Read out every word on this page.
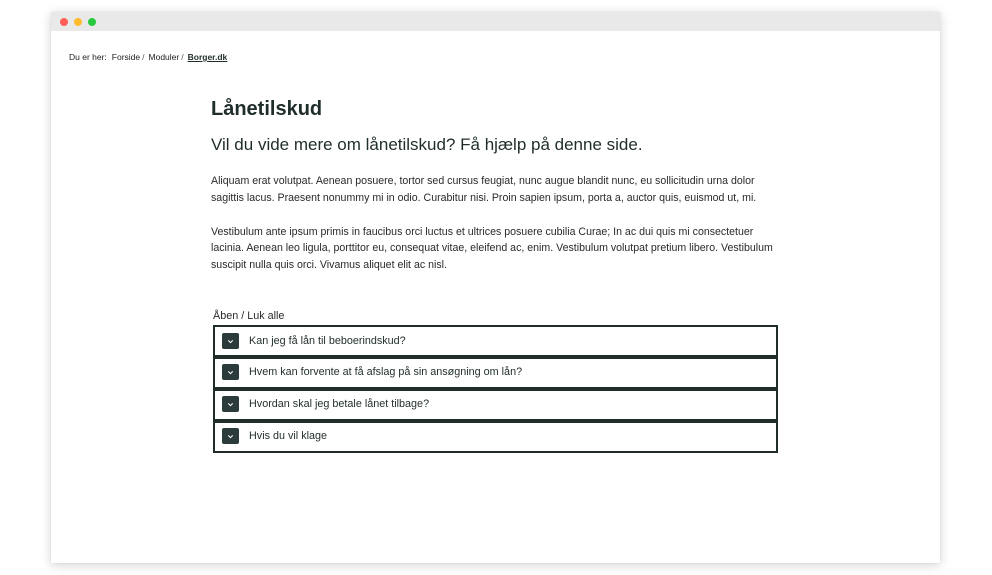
Du er her: Forside / Moduler / Borger.dk
Lånetilskud

Vil du vide mere om lånetilskud? Få hjælp på denne side.

Aliquam erat volutpat. Aenean posuere, tortor sed cursus feugiat, nunc augue blandit nunc, eu sollicitudin urna dolor sagittis lacus. Praesent nonummy mi in odio. Curabitur nisi. Proin sapien ipsum, porta a, auctor quis, euismod ut, mi.

Vestibulum ante ipsum primis in faucibus orci luctus et ultrices posuere cubilia Curae; In ac dui quis mi consectetuer lacinia. Aenean leo ligula, porttitor eu, consequat vitae, eleifend ac, enim. Vestibulum volutpat pretium libero. Vestibulum suscipit nulla quis orci. Vivamus aliquet elit ac nisl.

Åben / Luk alle
Kan jeg få lån til beboerindskud?
Hvem kan forvente at få afslag på sin ansøgning om lån?
Hvordan skal jeg betale lånet tilbage?
Hvis du vil klage
